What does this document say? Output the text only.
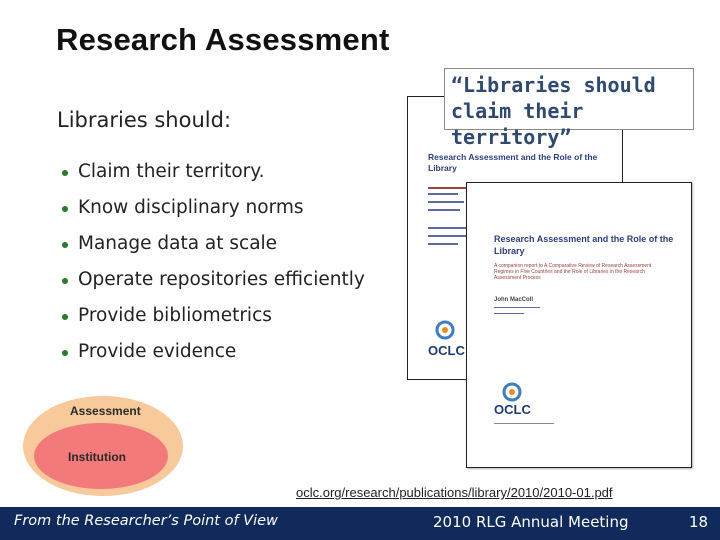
Research Assessment
Research Assessment and the Role of the Library
OCLC
Research Assessment and the Role of the Library
A companion report to A Comparative Review of Research Assessment Regimes in Five Countries and the Role of Libraries in the Research Assessment Process
John MacColl
OCLC
“Libraries should claim their territory”
Libraries should:
Claim their territory.
Know disciplinary norms
Manage data at scale
Operate repositories efficiently
Provide bibliometrics
Provide evidence
Assessment
Institution
oclc.org/research/publications/library/2010/2010-01.pdf
From the Researcher’s Point of View	2010 RLG Annual Meeting	18
